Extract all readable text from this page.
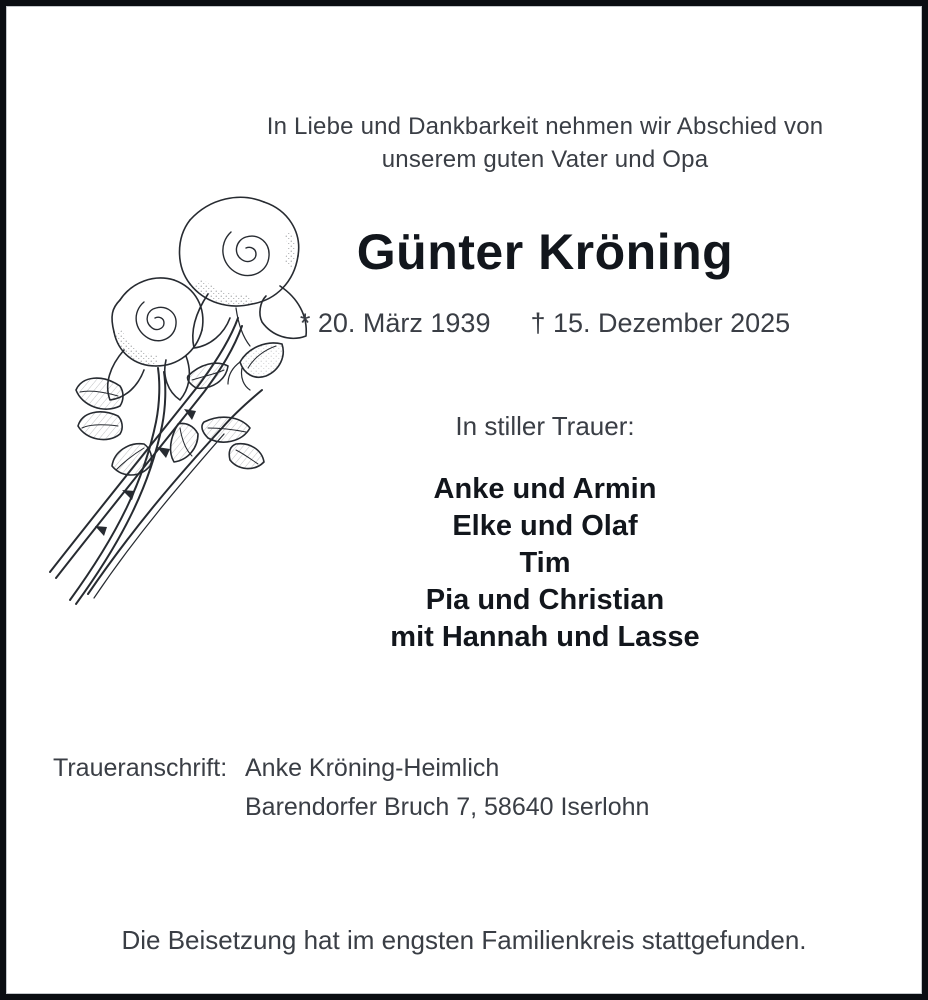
In Liebe und Dankbarkeit nehmen wir Abschied von
unserem guten Vater und Opa
Günter Kröning
* 20. März 1939 † 15. Dezember 2025
In stiller Trauer:
Anke und Armin
Elke und Olaf
Tim
Pia und Christian
mit Hannah und Lasse
Traueranschrift: Anke Kröning-Heimlich
Barendorfer Bruch 7, 58640 Iserlohn
Die Beisetzung hat im engsten Familienkreis stattgefunden.
